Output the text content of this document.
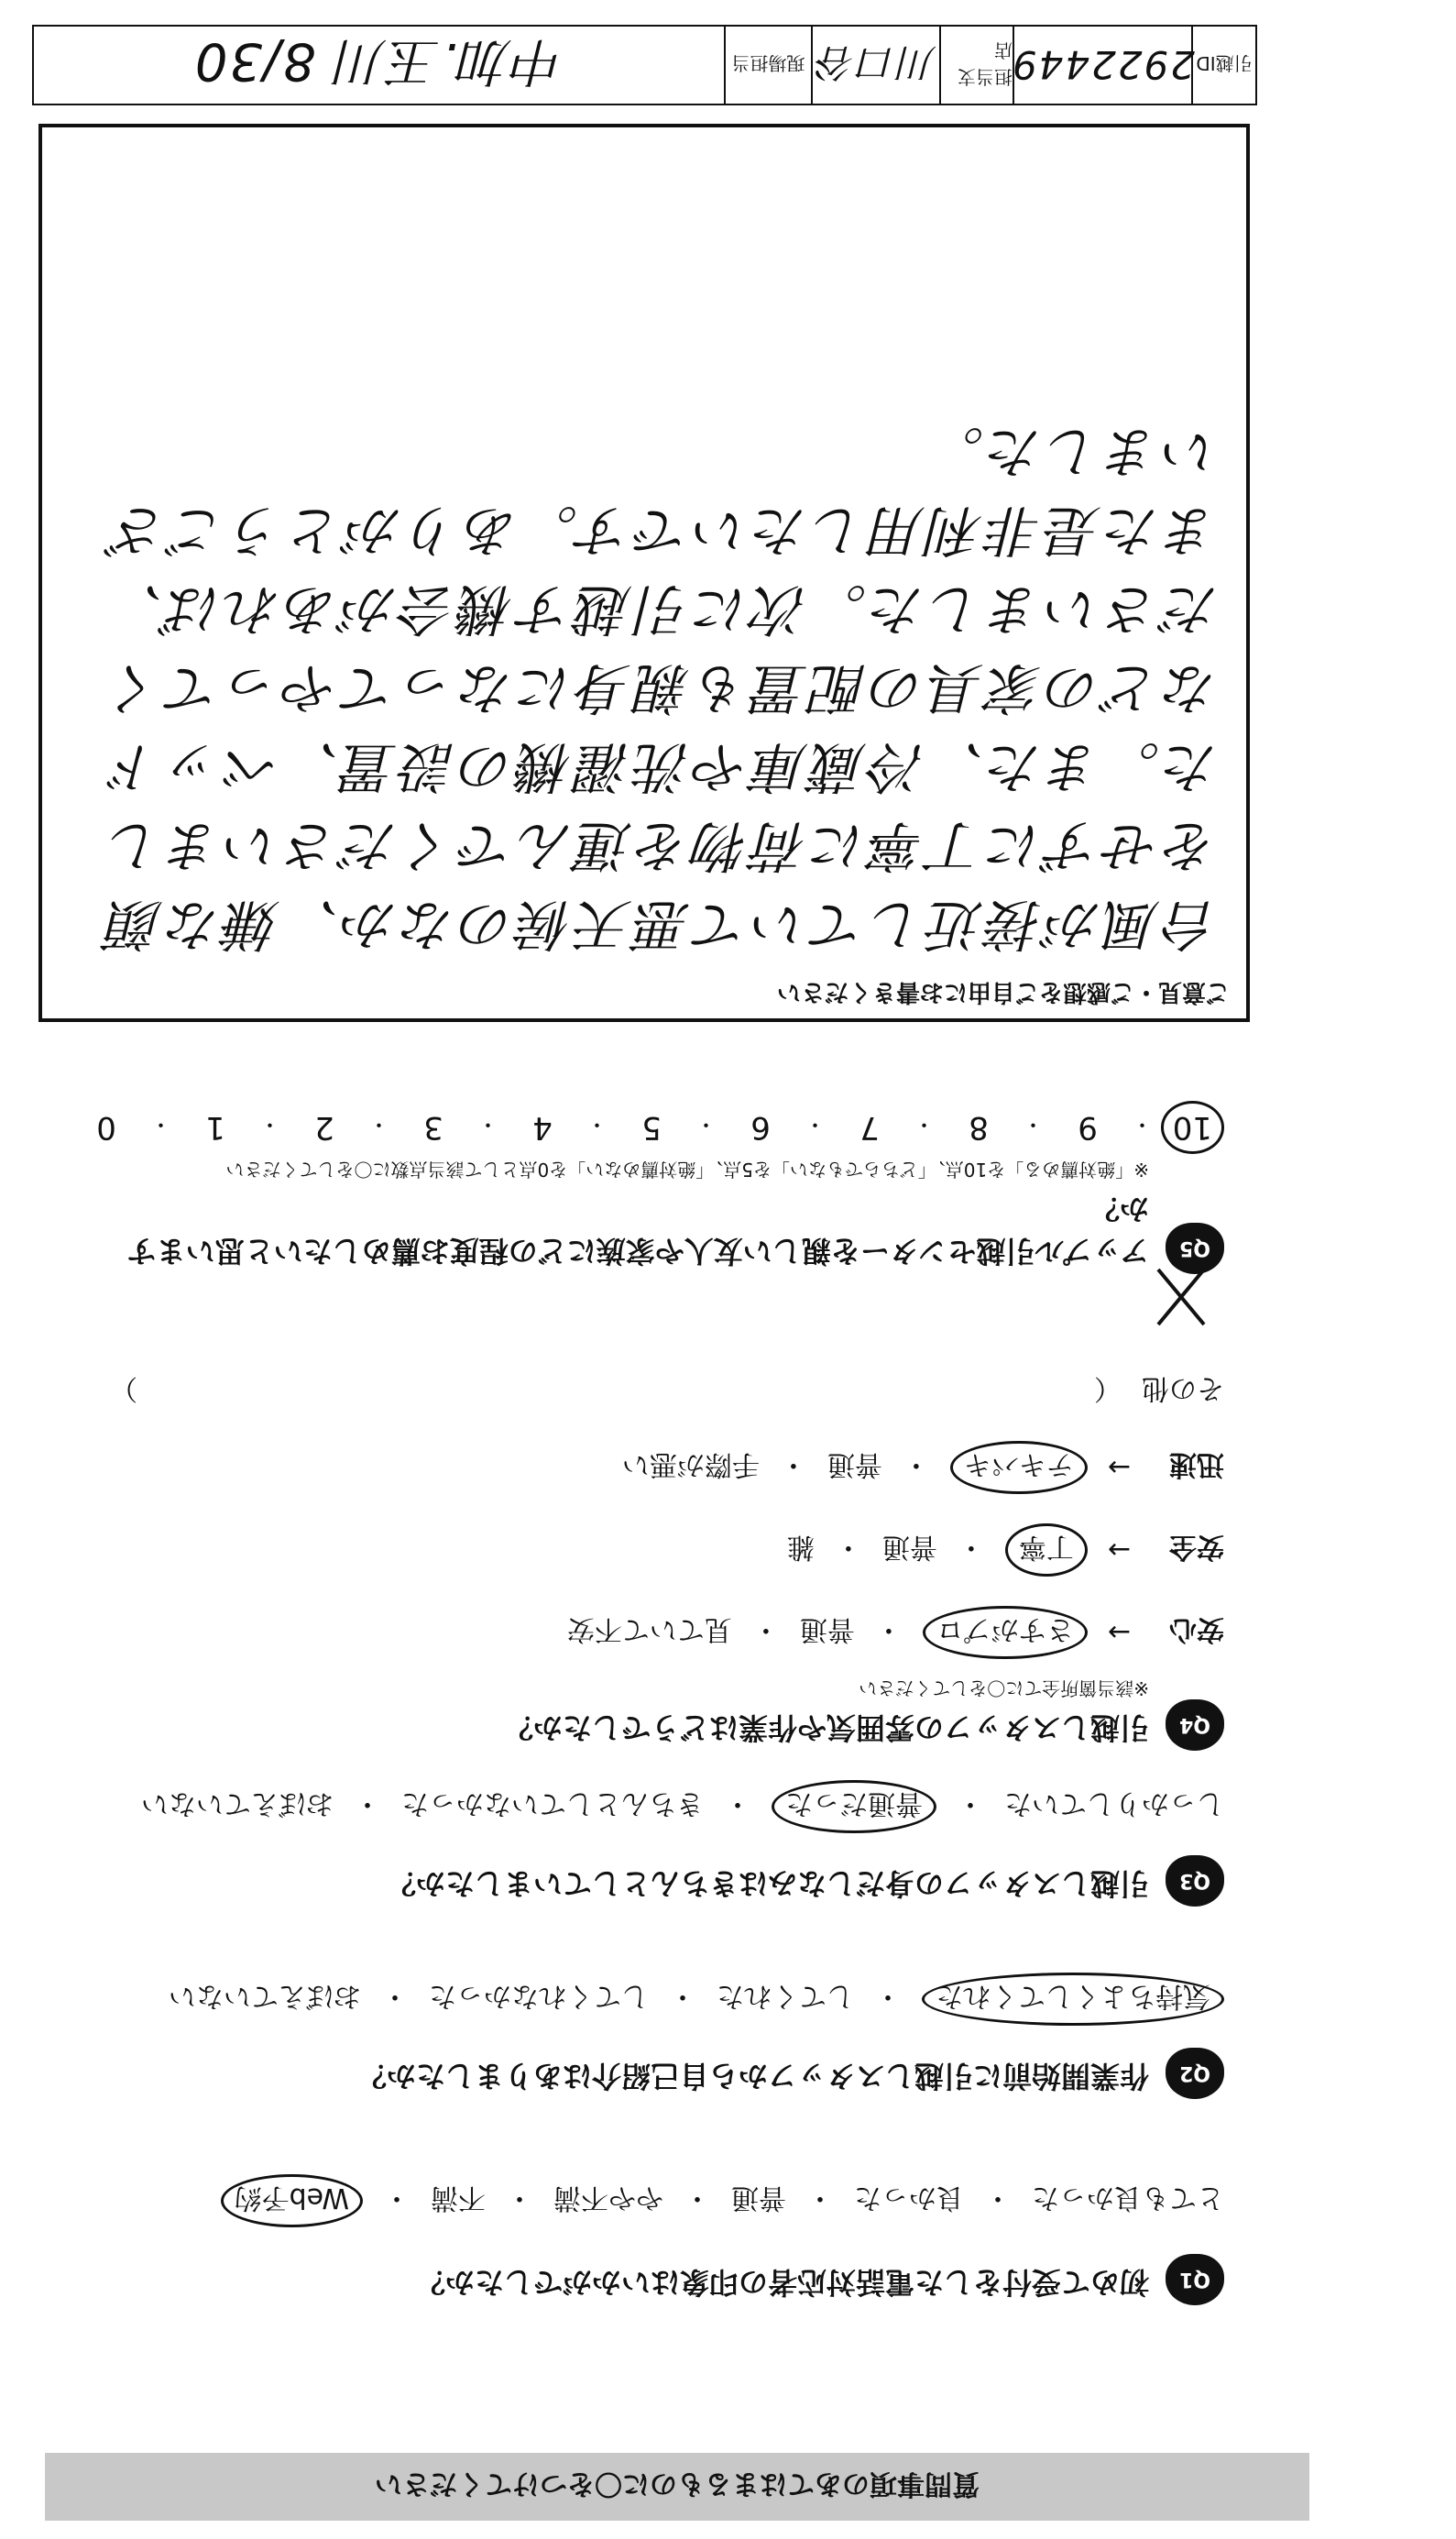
引越ID
2922449
担当支店
川口谷
現場担当
中加.玉川 8/30
ご意見・ご感想をご自由にお書きください
台風が接近していて悪天候のなか、嫌な顔をせずに丁寧に荷物を運んでくださいました。また、冷蔵庫や洗濯機の設置、ベッドなどの家具の配置も親身になってやってくださいました。次に引越す機会があれば、また是非利用したいです。ありがとうございました。
10
・
9
・
8
・
7
・
6
・
5
・
4
・
3
・
2
・
1
・
0
Q5
アップル引越センターを親しい友人や家族にどの程度お薦めしたいと思いますか？
※「絶対薦める」を10点、「どちらでもない」を5点、「絶対薦めない」を0点として該当点数に〇をしてください
その他
（
）
迅速
→
テキパキ
・
普通
・
手際が悪い
安全
→
丁寧
・
普通
・
雑
安心
→
さすがプロ
・
普通
・
見ていて不安
Q4
引越しスタッフの雰囲気や作業はどうでしたか？
※該当箇所全てに〇をしてください
しっかりしていた
・
普通だった
・
きちんとしていなかった
・
おぼえていない
Q3
引越しスタッフの身だしなみはきちんとしていましたか？
気持ちよくしてくれた
・
してくれた
・
してくれなかった
・
おぼえていない
Q2
作業開始前に引越しスタッフから自己紹介はありましたか？
とても良かった
・
良かった
・
普通
・
やや不満
・
不満
・
Web予約
Q1
初めて受付をした電話対応者の印象はいかがでしたか？
質問事項のあてはまるものに〇をつけてください
